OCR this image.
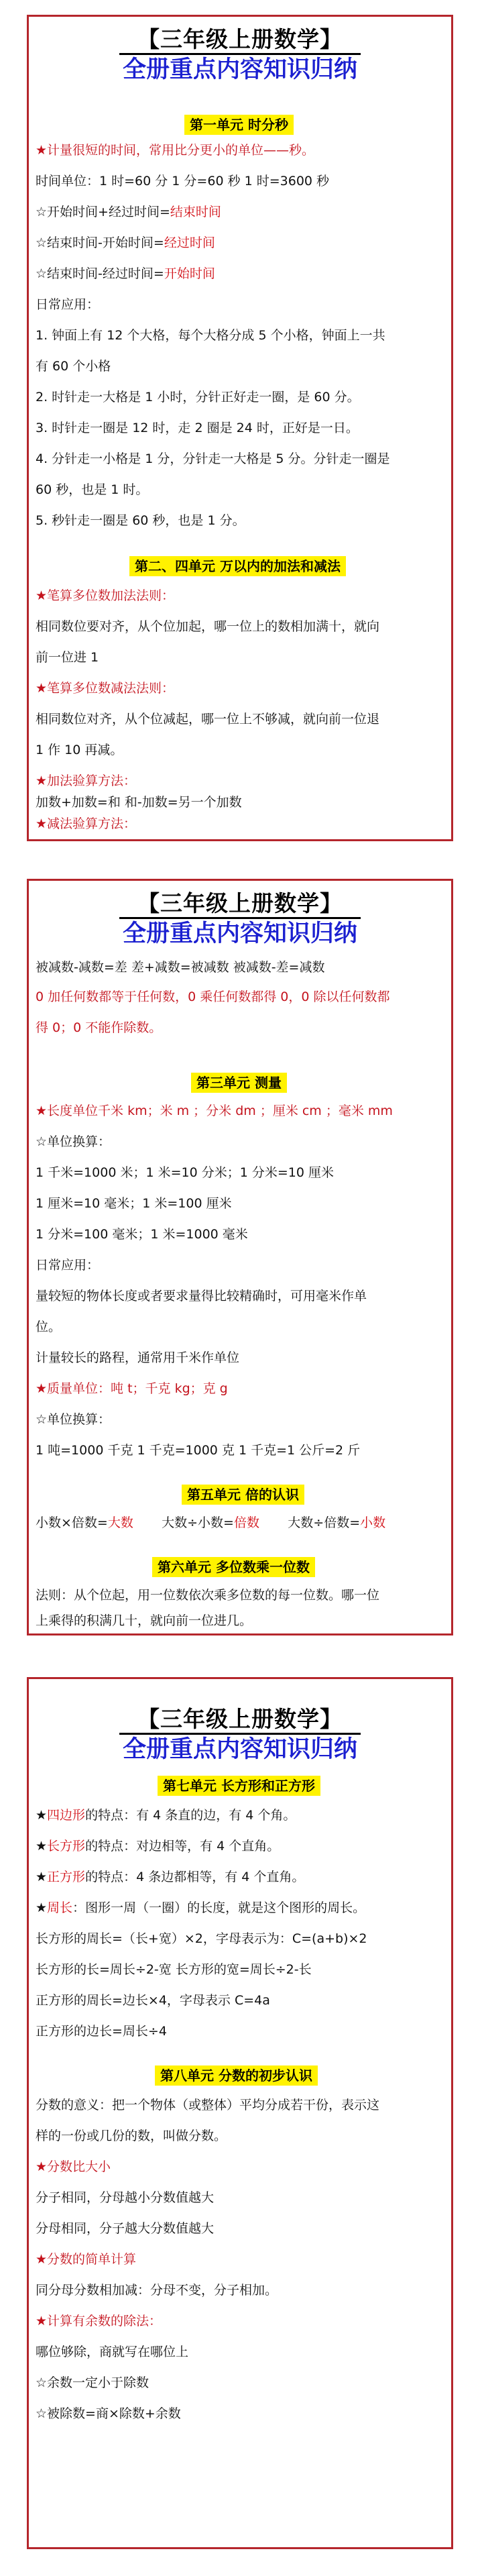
【三年级上册数学】
全册重点内容知识归纳
第一单元 时分秒
★计量很短的时间，常用比分更小的单位——秒。
时间单位：1 时=60 分 1 分=60 秒 1 时=3600 秒
☆开始时间+经过时间=结束时间
☆结束时间-开始时间=经过时间
☆结束时间-经过时间=开始时间
日常应用：
1. 钟面上有 12 个大格，每个大格分成 5 个小格，钟面上一共
有 60 个小格
2. 时针走一大格是 1 小时，分针正好走一圈，是 60 分。
3. 时针走一圈是 12 时，走 2 圈是 24 时，正好是一日。
4. 分针走一小格是 1 分，分针走一大格是 5 分。分针走一圈是
60 秒，也是 1 时。
5. 秒针走一圈是 60 秒，也是 1 分。
第二、四单元 万以内的加法和减法
★笔算多位数加法法则：
相同数位要对齐，从个位加起，哪一位上的数相加满十，就向
前一位进 1
★笔算多位数减法法则：
相同数位对齐，从个位减起，哪一位上不够减，就向前一位退
1 作 10 再减。
★加法验算方法：
加数+加数=和 和-加数=另一个加数
★减法验算方法：
【三年级上册数学】
全册重点内容知识归纳
被减数-减数=差 差+减数=被减数 被减数-差=减数
0 加任何数都等于任何数，0 乘任何数都得 0，0 除以任何数都
得 0；0 不能作除数。
第三单元 测量
★长度单位千米 km；米 m ；分米 dm ；厘米 cm ；毫米 mm
☆单位换算：
1 千米=1000 米；1 米=10 分米；1 分米=10 厘米
1 厘米=10 毫米；1 米=100 厘米
1 分米=100 毫米；1 米=1000 毫米
日常应用：
量较短的物体长度或者要求量得比较精确时，可用毫米作单
位。
计量较长的路程，通常用千米作单位
★质量单位：吨 t；千克 kg；克 g
☆单位换算：
1 吨=1000 千克 1 千克=1000 克 1 千克=1 公斤=2 斤
第五单元 倍的认识
小数×倍数=大数       大数÷小数=倍数       大数÷倍数=小数
第六单元 多位数乘一位数
法则：从个位起，用一位数依次乘多位数的每一位数。哪一位
上乘得的积满几十，就向前一位进几。
【三年级上册数学】
全册重点内容知识归纳
第七单元 长方形和正方形
★四边形的特点：有 4 条直的边，有 4 个角。
★长方形的特点：对边相等，有 4 个直角。
★正方形的特点：4 条边都相等，有 4 个直角。
★周长：图形一周（一圈）的长度，就是这个图形的周长。
长方形的周长=（长+宽）×2，字母表示为：C=(a+b)×2
长方形的长=周长÷2-宽 长方形的宽=周长÷2-长
正方形的周长=边长×4，字母表示 C=4a
正方形的边长=周长÷4
第八单元 分数的初步认识
分数的意义：把一个物体（或整体）平均分成若干份，表示这
样的一份或几份的数，叫做分数。
★分数比大小
分子相同，分母越小分数值越大
分母相同，分子越大分数值越大
★分数的简单计算
同分母分数相加减：分母不变，分子相加。
★计算有余数的除法：
哪位够除，商就写在哪位上
☆余数一定小于除数
☆被除数=商×除数+余数
